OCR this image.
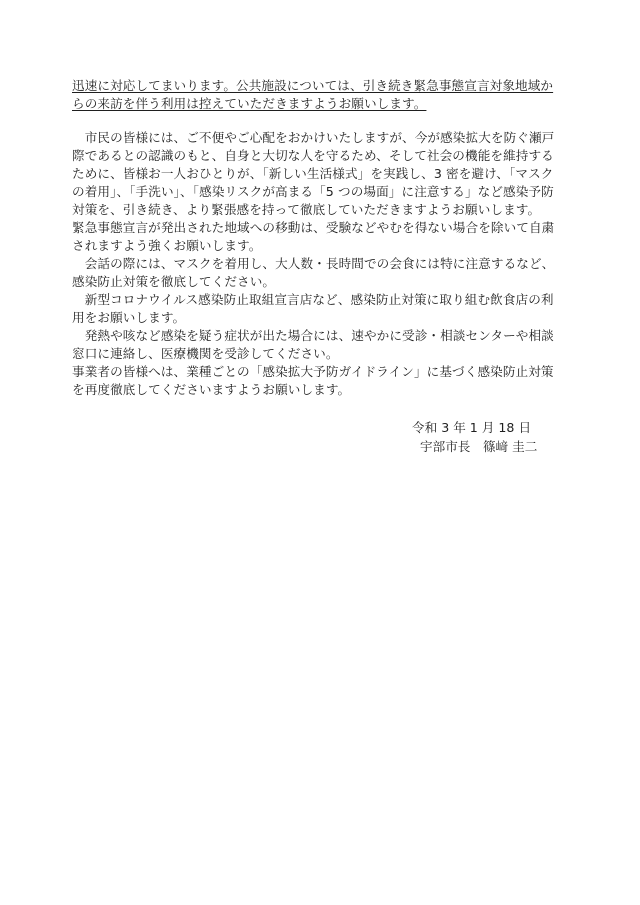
迅速に対応してまいります。公共施設については、引き続き緊急事態宣言対象地域か
らの来訪を伴う利用は控えていただきますようお願いします。
　市民の皆様には、ご不便やご心配をおかけいたしますが、今が感染拡大を防ぐ瀬戸
際であるとの認識のもと、自身と大切な人を守るため、そして社会の機能を維持する
ために、皆様お一人おひとりが、「新しい生活様式」を実践し、3 密を避け、「マスク
の着用」、「手洗い」、「感染リスクが高まる「5 つの場面」に注意する」など感染予防
対策を、引き続き、より緊張感を持って徹底していただきますようお願いします。
緊急事態宣言が発出された地域への移動は、受験などやむを得ない場合を除いて自粛
されますよう強くお願いします。
　会話の際には、マスクを着用し、大人数・長時間での会食には特に注意するなど、
感染防止対策を徹底してください。
　新型コロナウイルス感染防止取組宣言店など、感染防止対策に取り組む飲食店の利
用をお願いします。
　発熱や咳など感染を疑う症状が出た場合には、速やかに受診・相談センターや相談
窓口に連絡し、医療機関を受診してください。
事業者の皆様へは、業種ごとの「感染拡大予防ガイドライン」に基づく感染防止対策
を再度徹底してくださいますようお願いします。
令和 3 年 1 月 18 日
宇部市長　篠﨑 圭二
